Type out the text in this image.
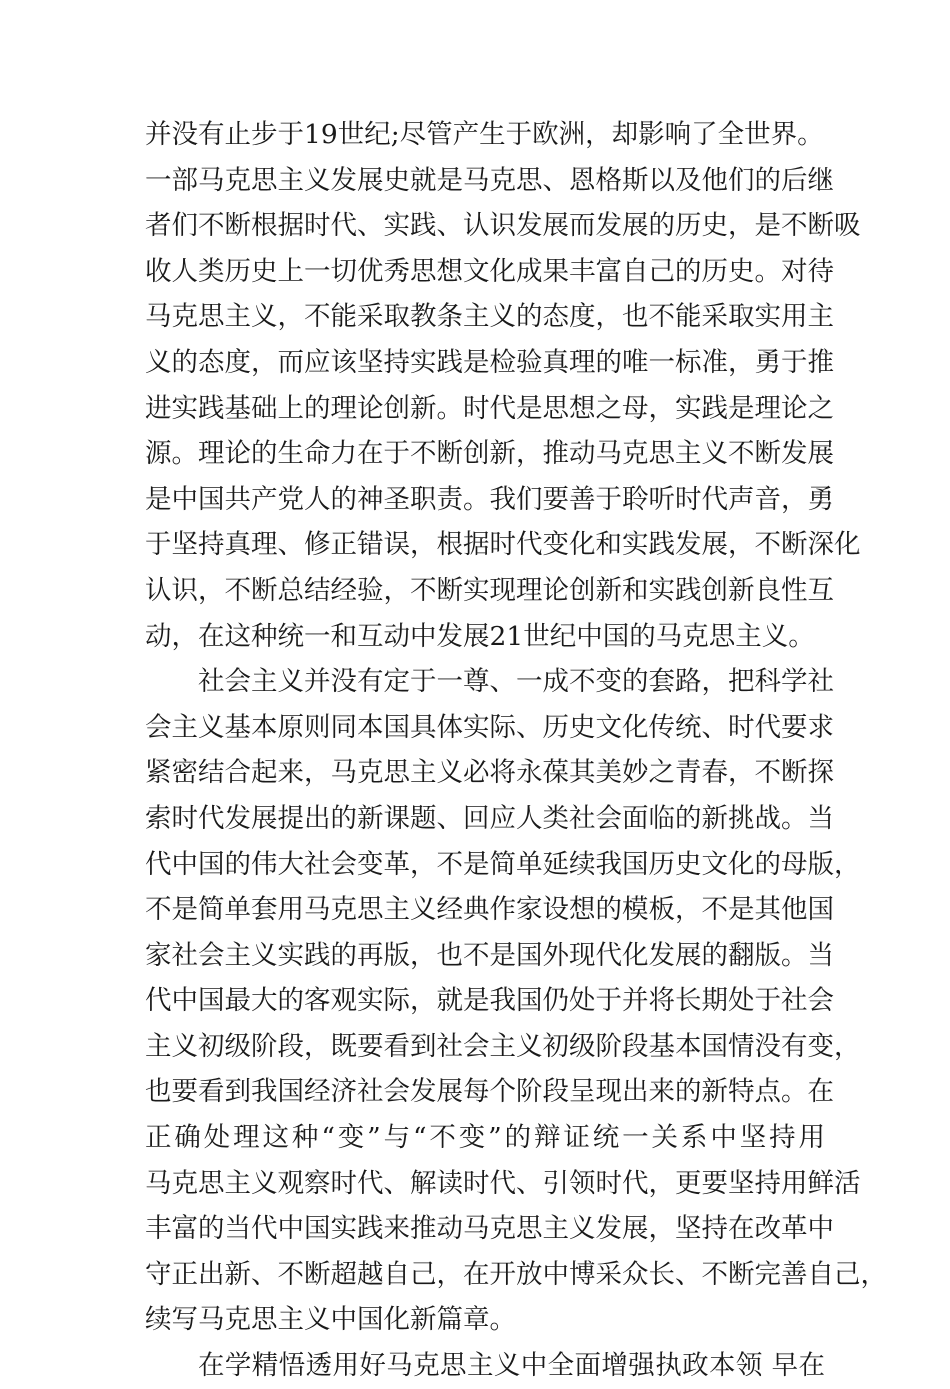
并没有止步于19世纪;尽管产生于欧洲，却影响了全世界。
一部马克思主义发展史就是马克思、恩格斯以及他们的后继
者们不断根据时代、实践、认识发展而发展的历史，是不断吸
收人类历史上一切优秀思想文化成果丰富自己的历史。对待
马克思主义，不能采取教条主义的态度，也不能采取实用主
义的态度，而应该坚持实践是检验真理的唯一标准，勇于推
进实践基础上的理论创新。时代是思想之母，实践是理论之
源。理论的生命力在于不断创新，推动马克思主义不断发展
是中国共产党人的神圣职责。我们要善于聆听时代声音，勇
于坚持真理、修正错误，根据时代变化和实践发展，不断深化
认识，不断总结经验，不断实现理论创新和实践创新良性互
动，在这种统一和互动中发展21世纪中国的马克思主义。
社会主义并没有定于一尊、一成不变的套路，把科学社
会主义基本原则同本国具体实际、历史文化传统、时代要求
紧密结合起来，马克思主义必将永葆其美妙之青春，不断探
索时代发展提出的新课题、回应人类社会面临的新挑战。当
代中国的伟大社会变革，不是简单延续我国历史文化的母版，
不是简单套用马克思主义经典作家设想的模板，不是其他国
家社会主义实践的再版，也不是国外现代化发展的翻版。当
代中国最大的客观实际，就是我国仍处于并将长期处于社会
主义初级阶段，既要看到社会主义初级阶段基本国情没有变，
也要看到我国经济社会发展每个阶段呈现出来的新特点。在
正确处理这种“变”与“不变”的辩证统一关系中坚持用
马克思主义观察时代、解读时代、引领时代，更要坚持用鲜活
丰富的当代中国实践来推动马克思主义发展，坚持在改革中
守正出新、不断超越自己，在开放中博采众长、不断完善自己，
续写马克思主义中国化新篇章。
在学精悟透用好马克思主义中全面增强执政本领 早在
